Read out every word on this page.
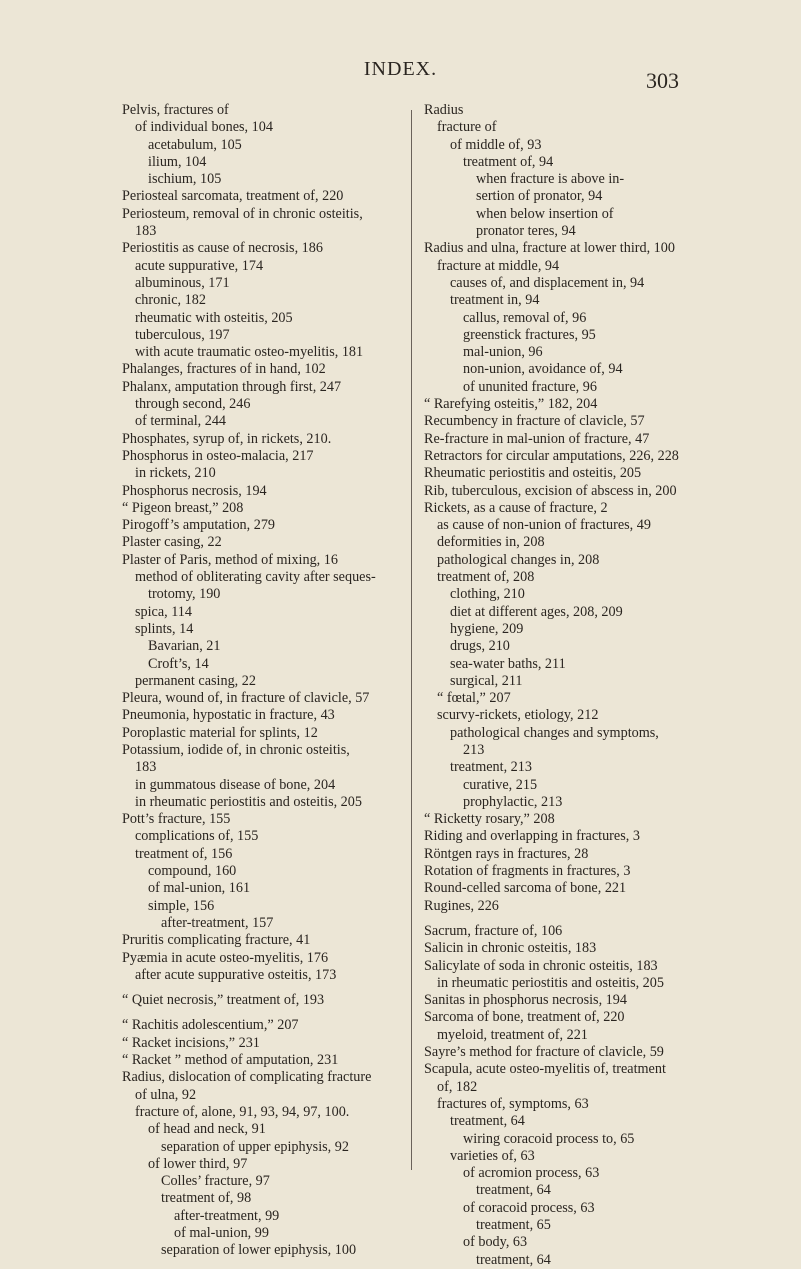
INDEX.	303
Pelvis, fractures of
of individual bones, 104
acetabulum, 105
ilium, 104
ischium, 105
Periosteal sarcomata, treatment of, 220
Periosteum, removal of in chronic osteitis,
183
Periostitis as cause of necrosis, 186
acute suppurative, 174
albuminous, 171
chronic, 182
rheumatic with osteitis, 205
tuberculous, 197
with acute traumatic osteo-myelitis, 181
Phalanges, fractures of in hand, 102
Phalanx, amputation through first, 247
through second, 246
of terminal, 244
Phosphates, syrup of, in rickets, 210.
Phosphorus in osteo-malacia, 217
in rickets, 210
Phosphorus necrosis, 194
“ Pigeon breast,” 208
Pirogoff’s amputation, 279
Plaster casing, 22
Plaster of Paris, method of mixing, 16
method of obliterating cavity after seques-
trotomy, 190
spica, 114
splints, 14
Bavarian, 21
Croft’s, 14
permanent casing, 22
Pleura, wound of, in fracture of clavicle, 57
Pneumonia, hypostatic in fracture, 43
Poroplastic material for splints, 12
Potassium, iodide of, in chronic osteitis,
183
in gummatous disease of bone, 204
in rheumatic periostitis and osteitis, 205
Pott’s fracture, 155
complications of, 155
treatment of, 156
compound, 160
of mal-union, 161
simple, 156
after-treatment, 157
Pruritis complicating fracture, 41
Pyæmia in acute osteo-myelitis, 176
after acute suppurative osteitis, 173
“ Quiet necrosis,” treatment of, 193
“ Rachitis adolescentium,” 207
“ Racket incisions,” 231
“ Racket ” method of amputation, 231
Radius, dislocation of complicating fracture
of ulna, 92
fracture of, alone, 91, 93, 94, 97, 100.
of head and neck, 91
separation of upper epiphysis, 92
of lower third, 97
Colles’ fracture, 97
treatment of, 98
after-treatment, 99
of mal-union, 99
separation of lower epiphysis, 100
Radius
fracture of
of middle of, 93
treatment of, 94
when fracture is above in-
sertion of pronator, 94
when below insertion of
pronator teres, 94
Radius and ulna, fracture at lower third, 100
fracture at middle, 94
causes of, and displacement in, 94
treatment in, 94
callus, removal of, 96
greenstick fractures, 95
mal-union, 96
non-union, avoidance of, 94
of ununited fracture, 96
“ Rarefying osteitis,” 182, 204
Recumbency in fracture of clavicle, 57
Re-fracture in mal-union of fracture, 47
Retractors for circular amputations, 226, 228
Rheumatic periostitis and osteitis, 205
Rib, tuberculous, excision of abscess in, 200
Rickets, as a cause of fracture, 2
as cause of non-union of fractures, 49
deformities in, 208
pathological changes in, 208
treatment of, 208
clothing, 210
diet at different ages, 208, 209
hygiene, 209
drugs, 210
sea-water baths, 211
surgical, 211
“ fœtal,” 207
scurvy-rickets, etiology, 212
pathological changes and symptoms,
213
treatment, 213
curative, 215
prophylactic, 213
“ Ricketty rosary,” 208
Riding and overlapping in fractures, 3
Röntgen rays in fractures, 28
Rotation of fragments in fractures, 3
Round-celled sarcoma of bone, 221
Rugines, 226
Sacrum, fracture of, 106
Salicin in chronic osteitis, 183
Salicylate of soda in chronic osteitis, 183
in rheumatic periostitis and osteitis, 205
Sanitas in phosphorus necrosis, 194
Sarcoma of bone, treatment of, 220
myeloid, treatment of, 221
Sayre’s method for fracture of clavicle, 59
Scapula, acute osteo-myelitis of, treatment
of, 182
fractures of, symptoms, 63
treatment, 64
wiring coracoid process to, 65
varieties of, 63
of acromion process, 63
treatment, 64
of coracoid process, 63
treatment, 65
of body, 63
treatment, 64
